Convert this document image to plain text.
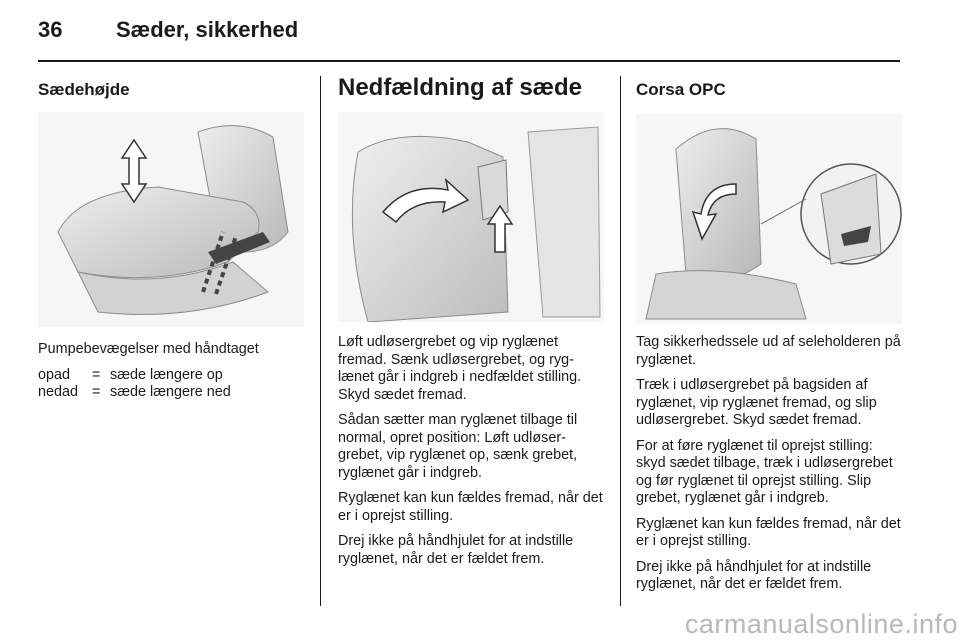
36 Sæder, sikkerhed
Sædehøjde
Pumpebevægelser med håndtaget
opad	= sæde længere op
nedad = sæde længere ned
Nedfældning af sæde
Løft udløsergrebet og vip ryglænet fremad. Sænk udløsergrebet, og ryglænet går i indgreb i nedfældet stilling. Skyd sædet fremad.
Sådan sætter man ryglænet tilbage til normal, opret position: Løft udløsergrebet, vip ryglænet op, sænk grebet, ryglænet går i indgreb.
Ryglænet kan kun fældes fremad, når det er i oprejst stilling.
Drej ikke på håndhjulet for at indstille ryglænet, når det er fældet frem.
Corsa OPC
Tag sikkerhedssele ud af seleholderen på ryglænet.
Træk i udløsergrebet på bagsiden af ryglænet, vip ryglænet fremad, og slip udløsergrebet. Skyd sædet fremad.
For at føre ryglænet til oprejst stilling: skyd sædet tilbage, træk i udløsergrebet og før ryglænet til oprejst stilling. Slip grebet, ryglænet går i indgreb.
Ryglænet kan kun fældes fremad, når det er i oprejst stilling.
Drej ikke på håndhjulet for at indstille ryglænet, når det er fældet frem.
carmanualsonline.info
